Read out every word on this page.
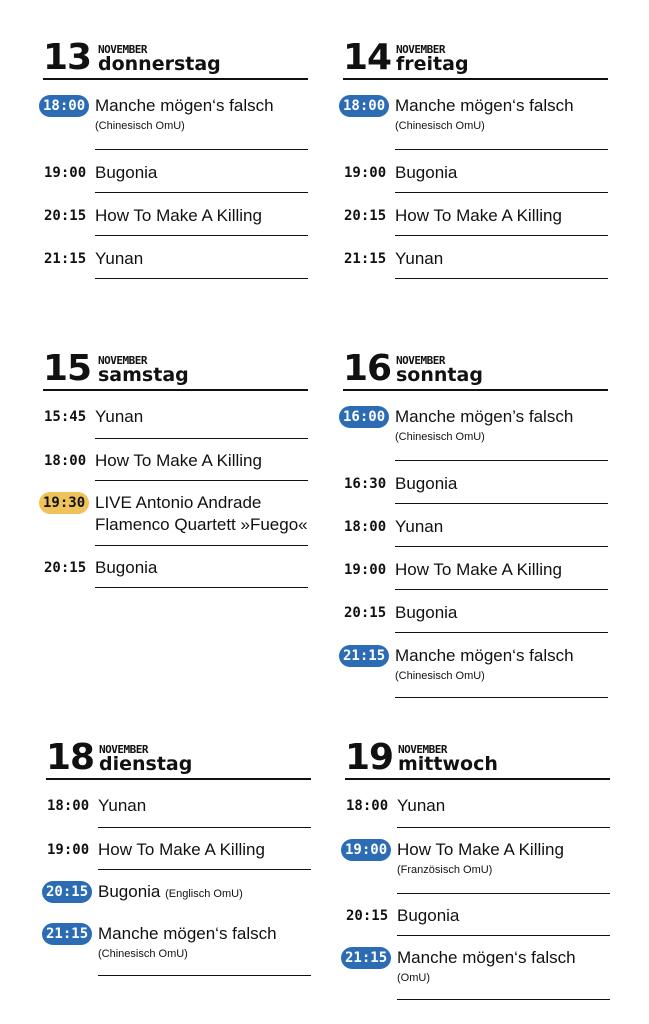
13 NOVEMBER
donnerstag
18:00 Manche mögen‘s falsch
(Chinesisch OmU)
19:00 Bugonia
20:15 How To Make A Killing
21:15 Yunan
14 NOVEMBER
freitag
18:00 Manche mögen‘s falsch
(Chinesisch OmU)
19:00 Bugonia
20:15 How To Make A Killing
21:15 Yunan
15 NOVEMBER
samstag
15:45 Yunan
18:00 How To Make A Killing
19:30 LIVE Antonio Andrade
Flamenco Quartett »Fuego«
20:15 Bugonia
16 NOVEMBER
sonntag
16:00 Manche mögen’s falsch
(Chinesisch OmU)
16:30 Bugonia
18:00 Yunan
19:00 How To Make A Killing
20:15 Bugonia
21:15 Manche mögen‘s falsch
(Chinesisch OmU)
18 NOVEMBER
dienstag
18:00 Yunan
19:00 How To Make A Killing
20:15 Bugonia (Englisch OmU)
21:15 Manche mögen‘s falsch
(Chinesisch OmU)
19 NOVEMBER
mittwoch
18:00 Yunan
19:00 How To Make A Killing
(Französisch OmU)
20:15 Bugonia
21:15 Manche mögen‘s falsch
(OmU)
